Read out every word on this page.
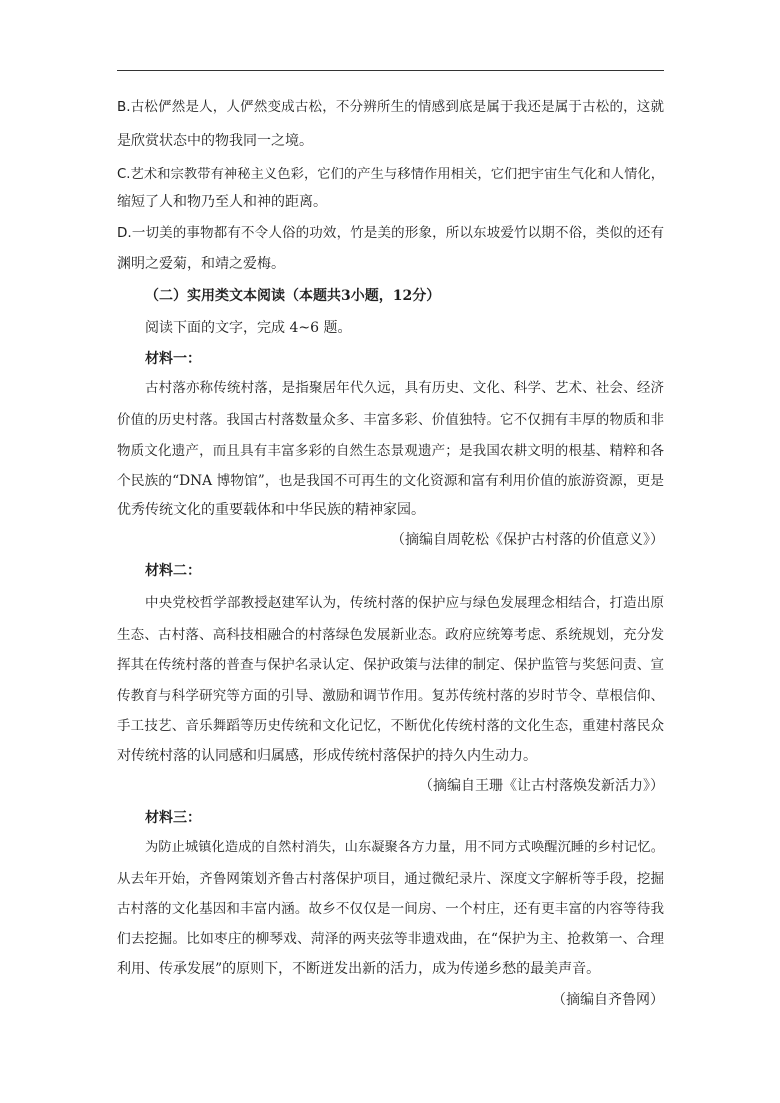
B.古松俨然是人，人俨然变成古松，不分辨所生的情感到底是属于我还是属于古松的，这就
是欣赏状态中的物我同一之境。
C.艺术和宗教带有神秘主义色彩，它们的产生与移情作用相关，它们把宇宙生气化和人情化，
缩短了人和物乃至人和神的距离。
D.一切美的事物都有不令人俗的功效，竹是美的形象，所以东坡爱竹以期不俗，类似的还有
渊明之爱菊，和靖之爱梅。
（二）实用类文本阅读（本题共3小题，12分）
阅读下面的文字，完成 4~6 题。
材料一：
古村落亦称传统村落，是指聚居年代久远，具有历史、文化、科学、艺术、社会、经济
价值的历史村落。我国古村落数量众多、丰富多彩、价值独特。它不仅拥有丰厚的物质和非
物质文化遗产，而且具有丰富多彩的自然生态景观遗产；是我国农耕文明的根基、精粹和各
个民族的“DNA 博物馆”，也是我国不可再生的文化资源和富有利用价值的旅游资源，更是
优秀传统文化的重要载体和中华民族的精神家园。
（摘编自周乾松《保护古村落的价值意义》）
材料二：
中央党校哲学部教授赵建军认为，传统村落的保护应与绿色发展理念相结合，打造出原
生态、古村落、高科技相融合的村落绿色发展新业态。政府应统筹考虑、系统规划，充分发
挥其在传统村落的普查与保护名录认定、保护政策与法律的制定、保护监管与奖惩问责、宣
传教育与科学研究等方面的引导、激励和调节作用。复苏传统村落的岁时节令、草根信仰、
手工技艺、音乐舞蹈等历史传统和文化记忆，不断优化传统村落的文化生态，重建村落民众
对传统村落的认同感和归属感，形成传统村落保护的持久内生动力。
（摘编自王珊《让古村落焕发新活力》）
材料三：
为防止城镇化造成的自然村消失，山东凝聚各方力量，用不同方式唤醒沉睡的乡村记忆。
从去年开始，齐鲁网策划齐鲁古村落保护项目，通过微纪录片、深度文字解析等手段，挖掘
古村落的文化基因和丰富内涵。故乡不仅仅是一间房、一个村庄，还有更丰富的内容等待我
们去挖掘。比如枣庄的柳琴戏、菏泽的两夹弦等非遗戏曲，在“保护为主、抢救第一、合理
利用、传承发展”的原则下，不断迸发出新的活力，成为传递乡愁的最美声音。
（摘编自齐鲁网）
